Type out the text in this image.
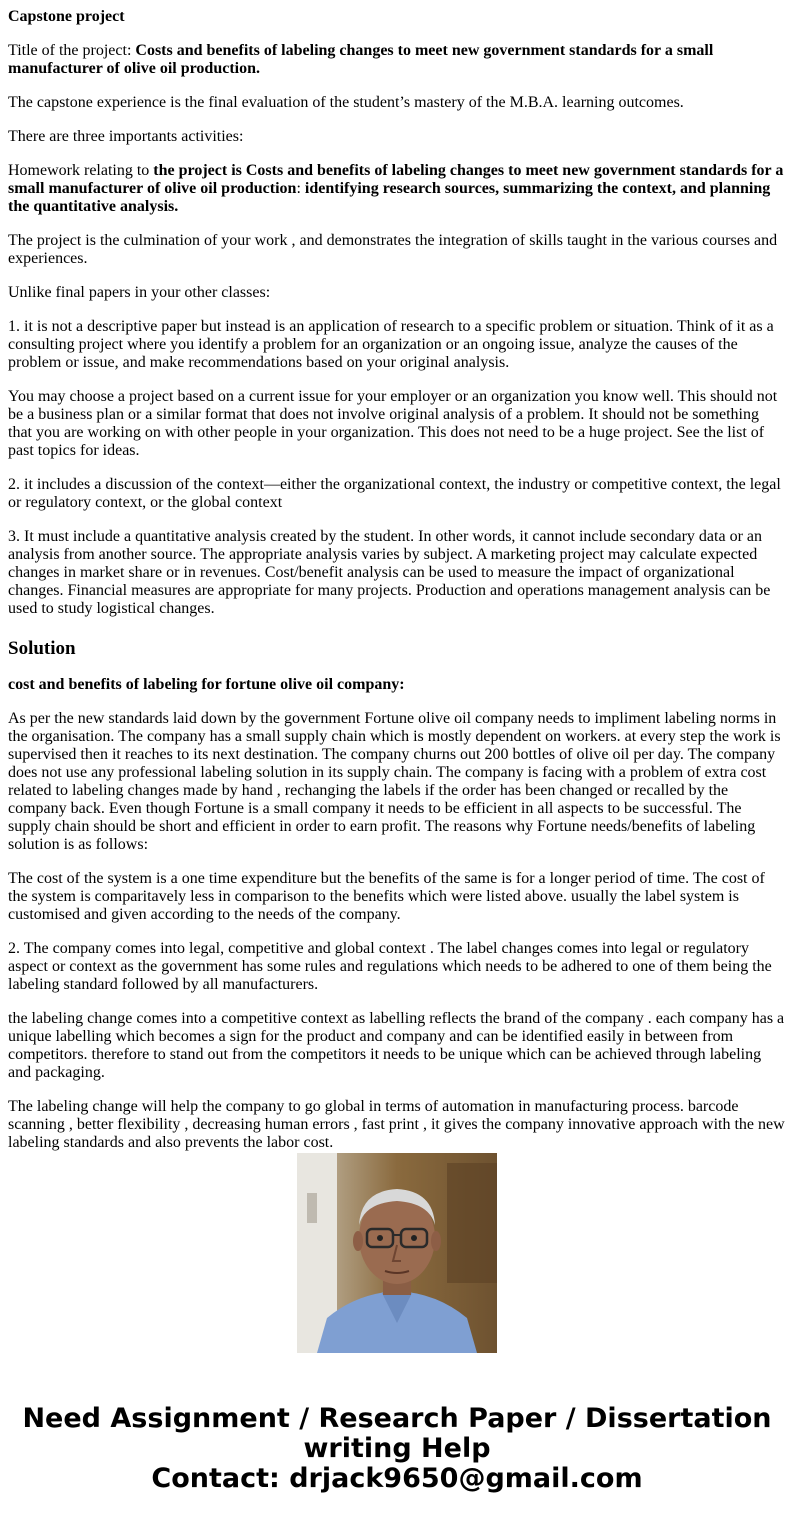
Capstone project

Title of the project: Costs and benefits of labeling changes to meet new government standards for a small manufacturer of olive oil production.

The capstone experience is the final evaluation of the student’s mastery of the M.B.A. learning outcomes.

There are three importants activities:

Homework relating to the project is Costs and benefits of labeling changes to meet new government standards for a small manufacturer of olive oil production: identifying research sources, summarizing the context, and planning the quantitative analysis.

The project is the culmination of your work , and demonstrates the integration of skills taught in the various courses and experiences.

Unlike final papers in your other classes:

1. it is not a descriptive paper but instead is an application of research to a specific problem or situation. Think of it as a consulting project where you identify a problem for an organization or an ongoing issue, analyze the causes of the problem or issue, and make recommendations based on your original analysis.

You may choose a project based on a current issue for your employer or an organization you know well. This should not be a business plan or a similar format that does not involve original analysis of a problem. It should not be something that you are working on with other people in your organization. This does not need to be a huge project. See the list of past topics for ideas.

2. it includes a discussion of the context—either the organizational context, the industry or competitive context, the legal or regulatory context, or the global context

3. It must include a quantitative analysis created by the student. In other words, it cannot include secondary data or an analysis from another source. The appropriate analysis varies by subject. A marketing project may calculate expected changes in market share or in revenues. Cost/benefit analysis can be used to measure the impact of organizational changes. Financial measures are appropriate for many projects. Production and operations management analysis can be used to study logistical changes.

Solution

cost and benefits of labeling for fortune olive oil company:

As per the new standards laid down by the government Fortune olive oil company needs to impliment labeling norms in the organisation. The company has a small supply chain which is mostly dependent on workers. at every step the work is supervised then it reaches to its next destination. The company churns out 200 bottles of olive oil per day. The company does not use any professional labeling solution in its supply chain. The company is facing with a problem of extra cost related to labeling changes made by hand , rechanging the labels if the order has been changed or recalled by the company back. Even though Fortune is a small company it needs to be efficient in all aspects to be successful. The supply chain should be short and efficient in order to earn profit. The reasons why Fortune needs/benefits of labeling solution is as follows:

The cost of the system is a one time expenditure but the benefits of the same is for a longer period of time. The cost of the system is comparitavely less in comparison to the benefits which were listed above. usually the label system is customised and given according to the needs of the company.

2. The company comes into legal, competitive and global context . The label changes comes into legal or regulatory aspect or context as the government has some rules and regulations which needs to be adhered to one of them being the labeling standard followed by all manufacturers.

the labeling change comes into a competitive context as labelling reflects the brand of the company . each company has a unique labelling which becomes a sign for the product and company and can be identified easily in between from competitors. therefore to stand out from the competitors it needs to be unique which can be achieved through labeling and packaging.

The labeling change will help the company to go global in terms of automation in manufacturing process. barcode scanning , better flexibility , decreasing human errors , fast print , it gives the company innovative approach with the new labeling standards and also prevents the labor cost.

Need Assignment / Research Paper / Dissertation
writing Help
Contact: drjack9650@gmail.com
